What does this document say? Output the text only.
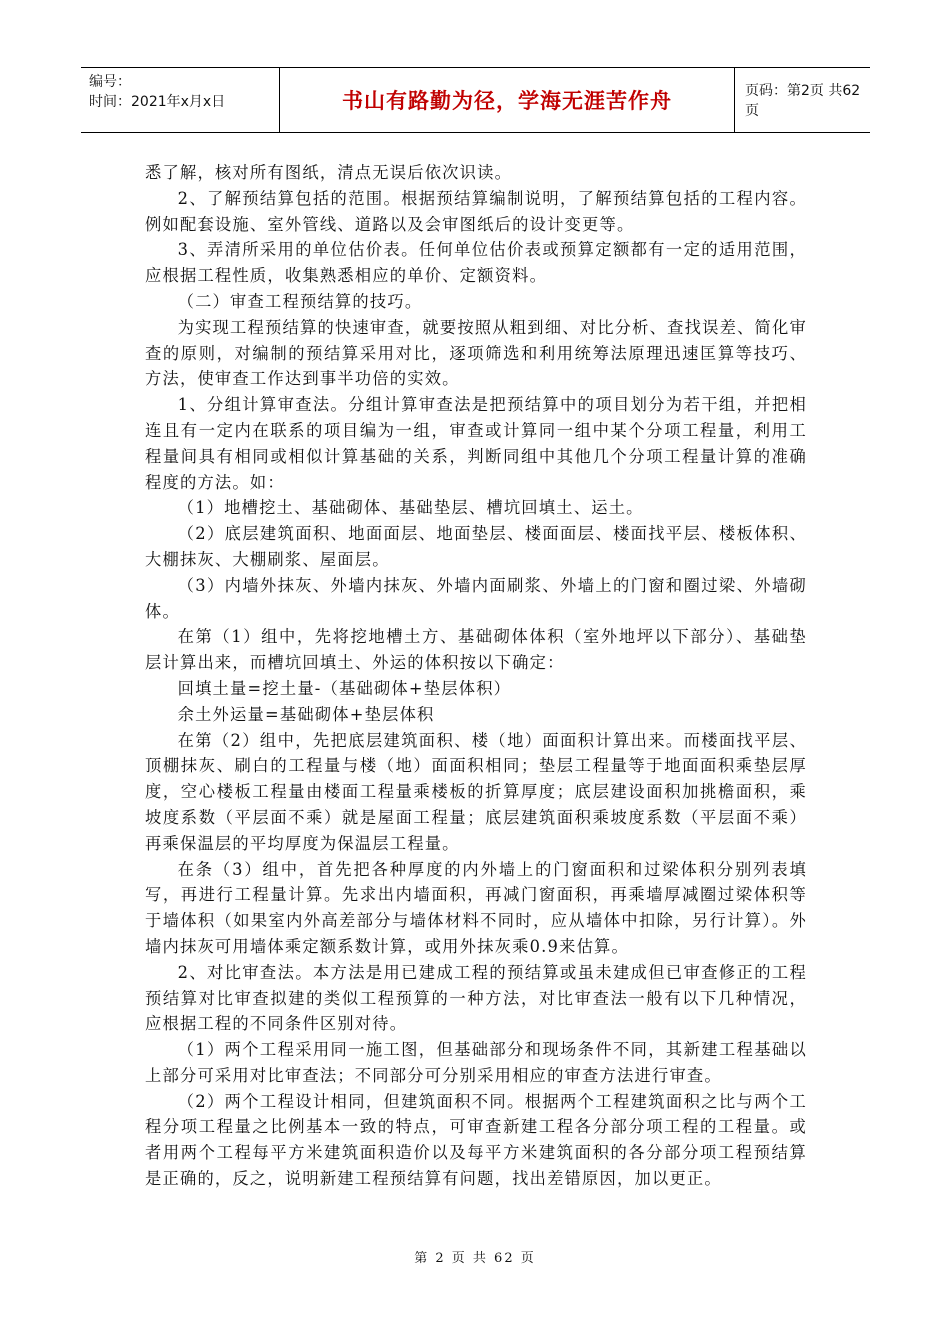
编号：
时间：2021年x月x日	书山有路勤为径，学海无涯苦作舟	页码：第2页 共62页

悉了解，核对所有图纸，清点无误后依次识读。

2、了解预结算包括的范围。根据预结算编制说明，了解预结算包括的工程内容。例如配套设施、室外管线、道路以及会审图纸后的设计变更等。

3、弄清所采用的单位估价表。任何单位估价表或预算定额都有一定的适用范围，应根据工程性质，收集熟悉相应的单价、定额资料。

（二）审查工程预结算的技巧。

为实现工程预结算的快速审查，就要按照从粗到细、对比分析、查找误差、简化审查的原则，对编制的预结算采用对比，逐项筛选和利用统筹法原理迅速匡算等技巧、方法，使审查工作达到事半功倍的实效。

1、分组计算审查法。分组计算审查法是把预结算中的项目划分为若干组，并把相连且有一定内在联系的项目编为一组，审查或计算同一组中某个分项工程量，利用工程量间具有相同或相似计算基础的关系，判断同组中其他几个分项工程量计算的准确程度的方法。如：

（1）地槽挖土、基础砌体、基础垫层、槽坑回填土、运土。

（2）底层建筑面积、地面面层、地面垫层、楼面面层、楼面找平层、楼板体积、大棚抹灰、大棚刷浆、屋面层。

（3）内墙外抹灰、外墙内抹灰、外墙内面刷浆、外墙上的门窗和圈过梁、外墙砌体。

在第（1）组中，先将挖地槽土方、基础砌体体积（室外地坪以下部分）、基础垫层计算出来，而槽坑回填土、外运的体积按以下确定：

回填土量=挖土量-（基础砌体+垫层体积）

余土外运量=基础砌体+垫层体积

在第（2）组中，先把底层建筑面积、楼（地）面面积计算出来。而楼面找平层、顶棚抹灰、刷白的工程量与楼（地）面面积相同；垫层工程量等于地面面积乘垫层厚度，空心楼板工程量由楼面工程量乘楼板的折算厚度；底层建设面积加挑檐面积，乘坡度系数（平层面不乘）就是屋面工程量；底层建筑面积乘坡度系数（平层面不乘）再乘保温层的平均厚度为保温层工程量。

在条（3）组中，首先把各种厚度的内外墙上的门窗面积和过梁体积分别列表填写，再进行工程量计算。先求出内墙面积，再减门窗面积，再乘墙厚减圈过梁体积等于墙体积（如果室内外高差部分与墙体材料不同时，应从墙体中扣除，另行计算）。外墙内抹灰可用墙体乘定额系数计算，或用外抹灰乘0.9来估算。

2、对比审查法。本方法是用已建成工程的预结算或虽未建成但已审查修正的工程预结算对比审查拟建的类似工程预算的一种方法，对比审查法一般有以下几种情况，应根据工程的不同条件区别对待。

（1）两个工程采用同一施工图，但基础部分和现场条件不同，其新建工程基础以上部分可采用对比审查法；不同部分可分别采用相应的审查方法进行审查。

（2）两个工程设计相同，但建筑面积不同。根据两个工程建筑面积之比与两个工程分项工程量之比例基本一致的特点，可审查新建工程各分部分项工程的工程量。或者用两个工程每平方米建筑面积造价以及每平方米建筑面积的各分部分项工程预结算是正确的，反之，说明新建工程预结算有问题，找出差错原因，加以更正。

第 2 页 共 62 页
